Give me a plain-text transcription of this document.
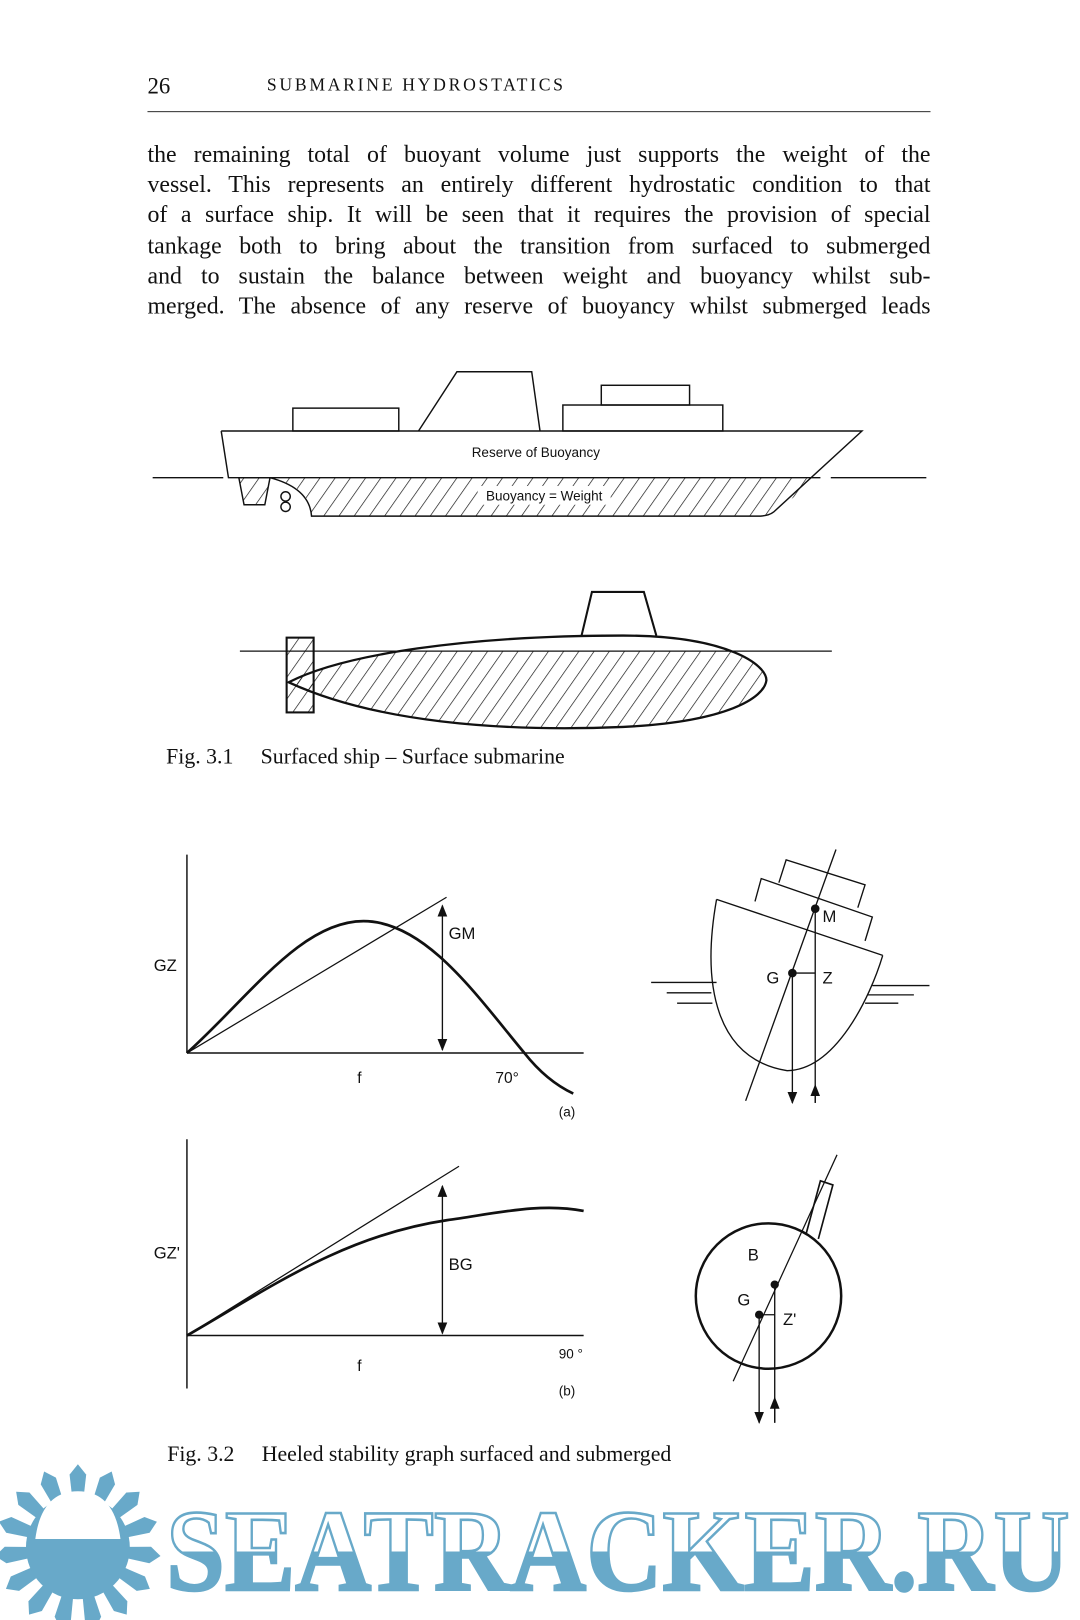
26	SUBMARINE HYDROSTATICS
the remaining total of buoyant volume just supports the weight of the
vessel. This represents an entirely different hydrostatic condition to that
of a surface ship. It will be seen that it requires the provision of special
tankage both to bring about the transition from surfaced to submerged
and to sustain the balance between weight and buoyancy whilst sub-
merged. The absence of any reserve of buoyancy whilst submerged leads
Reserve of Buoyancy
Buoyancy = Weight
Fig. 3.1     Surfaced ship – Surface submarine
GZ
GM
f	70°
(a)
M
G	Z
GZ'
BG
f
90 °
(b)
B
G
Z'
SEATRACKER.RU
Fig. 3.2     Heeled stability graph surfaced and submerged
